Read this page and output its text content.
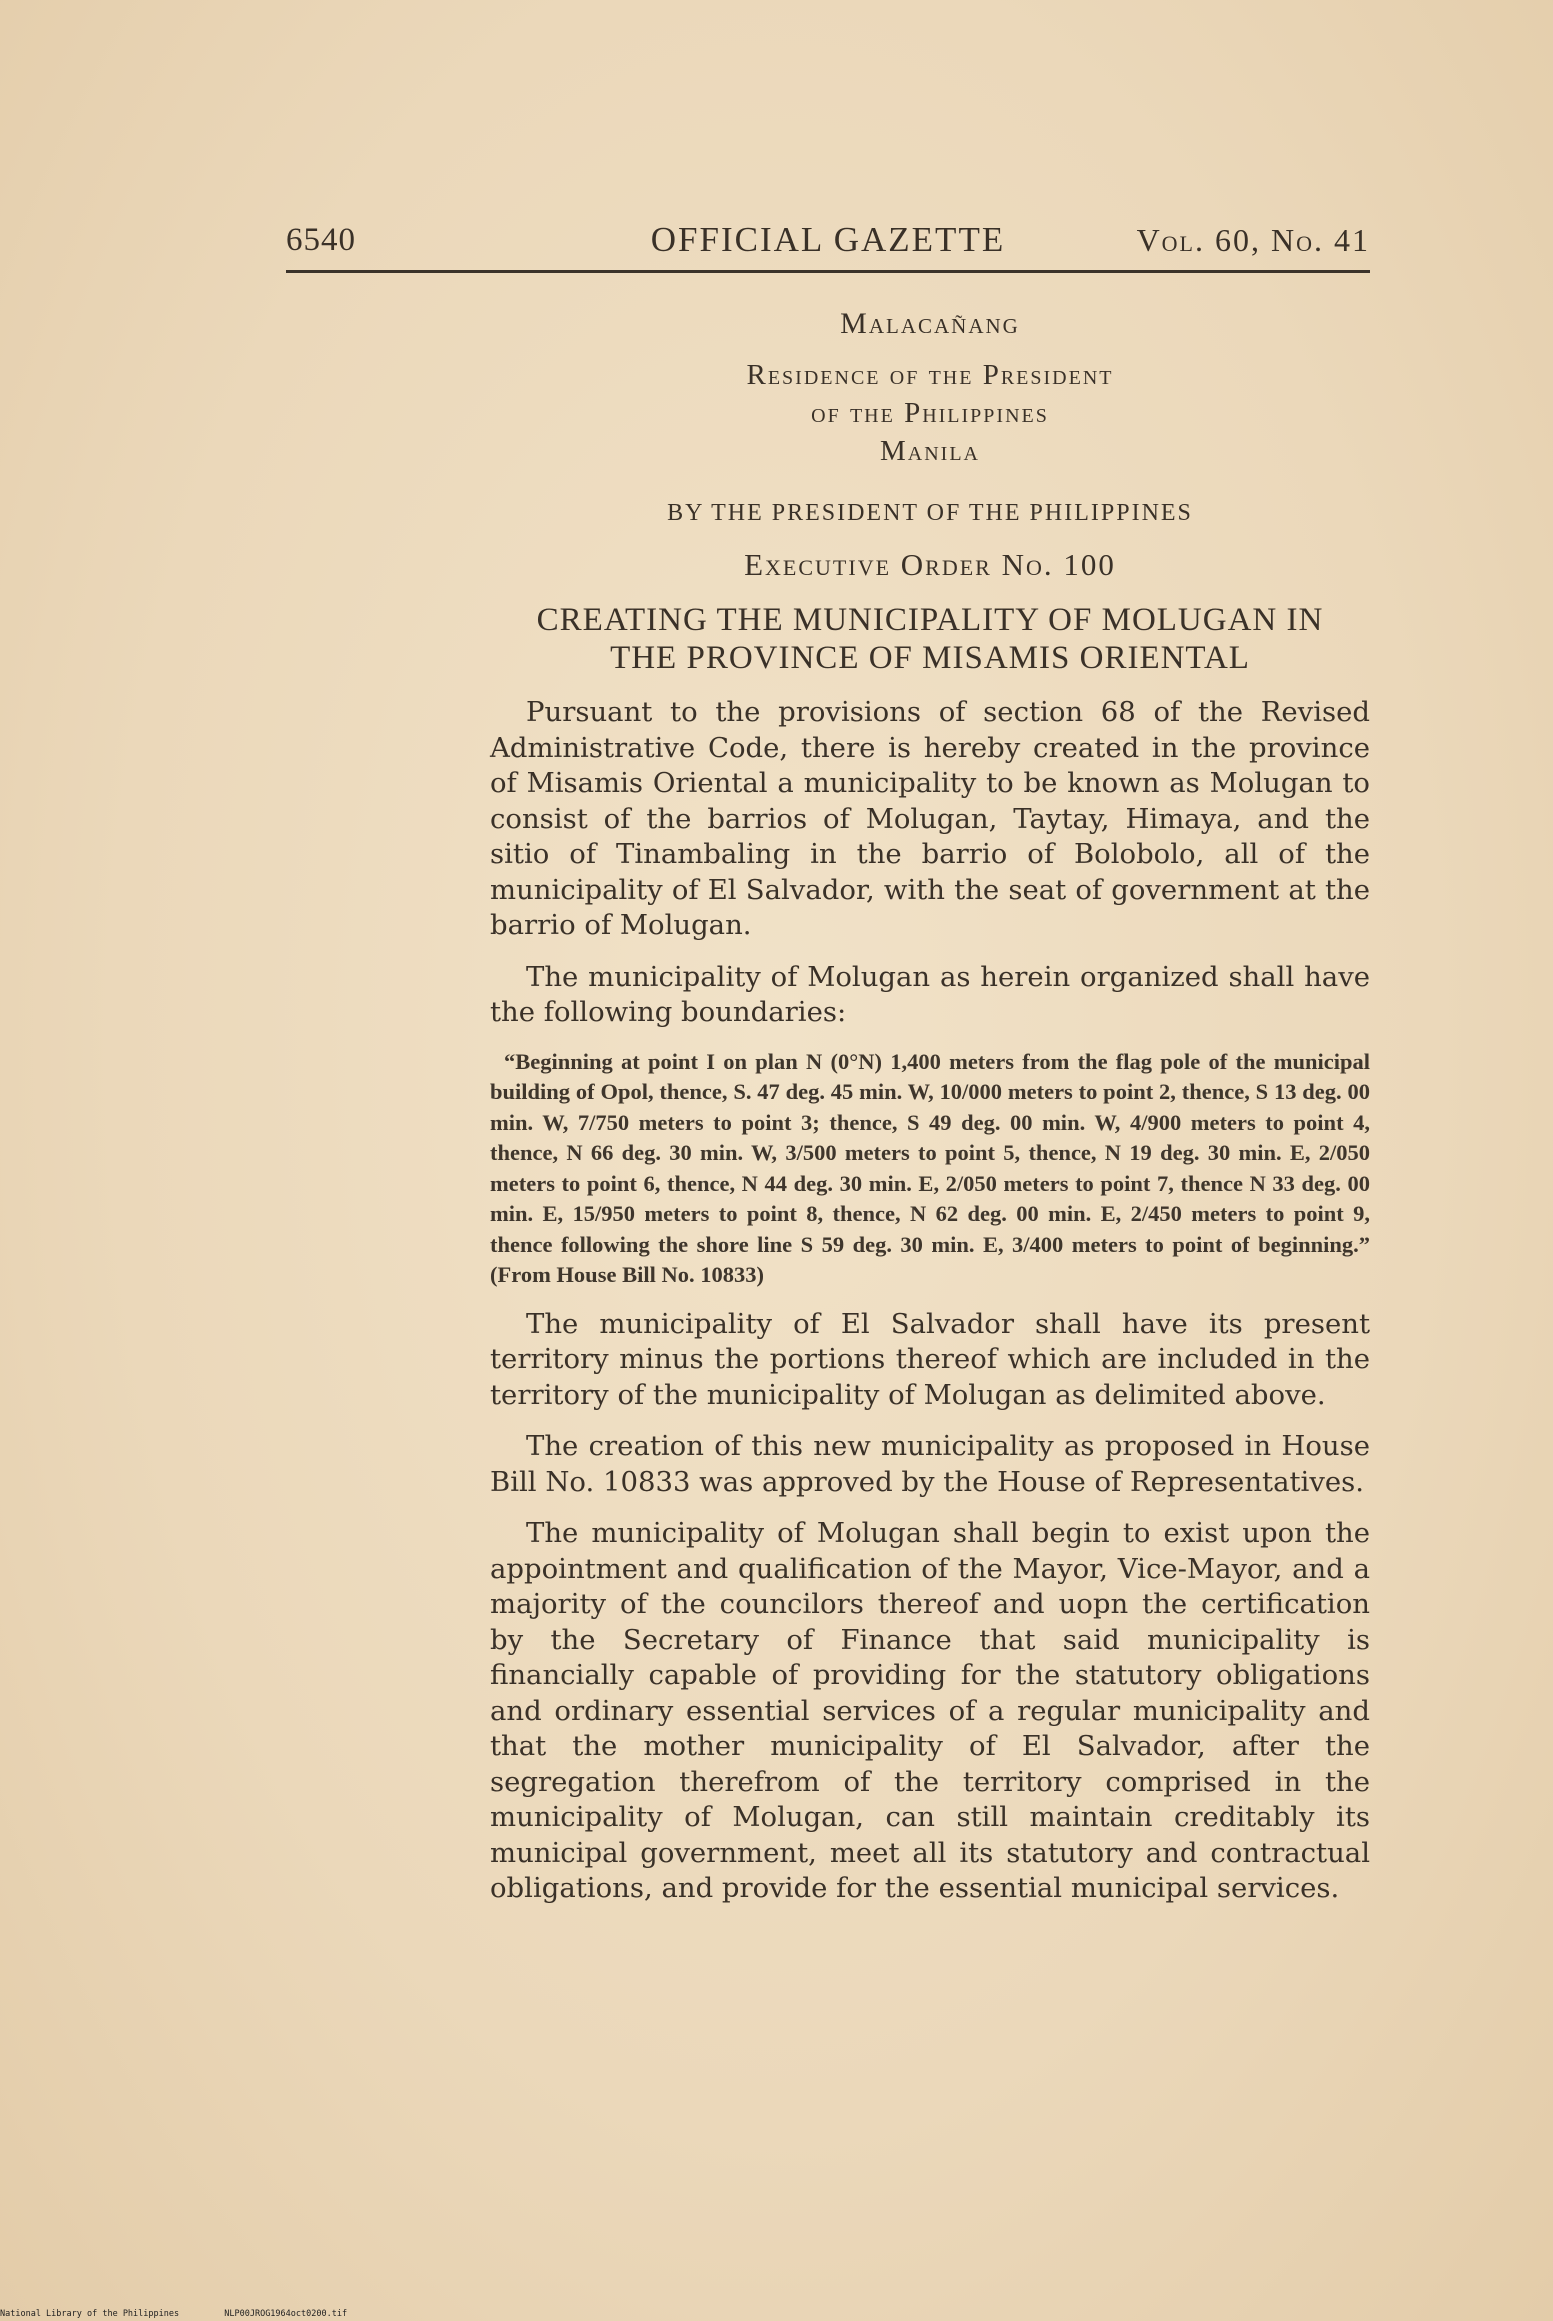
6540	OFFICIAL GAZETTE	Vol. 60, No. 41
Malacañang
Residence of the President
of the Philippines
Manila
BY THE PRESIDENT OF THE PHILIPPINES
Executive Order No. 100
CREATING THE MUNICIPALITY OF MOLUGAN IN
THE PROVINCE OF MISAMIS ORIENTAL

Pursuant to the provisions of section 68 of the Revised Administrative Code, there is hereby created in the province of Misamis Oriental a municipality to be known as Molugan to consist of the barrios of Molugan, Taytay, Himaya, and the sitio of Tinambaling in the barrio of Bolobolo, all of the municipality of El Salvador, with the seat of government at the barrio of Molugan.

The municipality of Molugan as herein organized shall have the following boundaries:

“Beginning at point I on plan N (0°N) 1,400 meters from the flag pole of the municipal building of Opol, thence, S. 47 deg. 45 min. W, 10/000 meters to point 2, thence, S 13 deg. 00 min. W, 7/750 meters to point 3; thence, S 49 deg. 00 min. W, 4/900 meters to point 4, thence, N 66 deg. 30 min. W, 3/500 meters to point 5, thence, N 19 deg. 30 min. E, 2/050 meters to point 6, thence, N 44 deg. 30 min. E, 2/050 meters to point 7, thence N 33 deg. 00 min. E, 15/950 meters to point 8, thence, N 62 deg. 00 min. E, 2/450 meters to point 9, thence following the shore line S 59 deg. 30 min. E, 3/400 meters to point of beginning.” (From House Bill No. 10833)

The municipality of El Salvador shall have its present territory minus the portions thereof which are included in the territory of the municipality of Molugan as delimited above.

The creation of this new municipality as proposed in House Bill No. 10833 was approved by the House of Representatives.

The municipality of Molugan shall begin to exist upon the appointment and qualification of the Mayor, Vice-Mayor, and a majority of the councilors thereof and uopn the certification by the Secretary of Finance that said municipality is financially capable of providing for the statutory obligations and ordinary essential services of a regular municipality and that the mother municipality of El Salvador, after the segregation therefrom of the territory comprised in the municipality of Molugan, can still maintain creditably its municipal government, meet all its statutory and contractual obligations, and provide for the essential municipal services.

National Library of the Philippines	NLP00JROG1964oct0200.tif
